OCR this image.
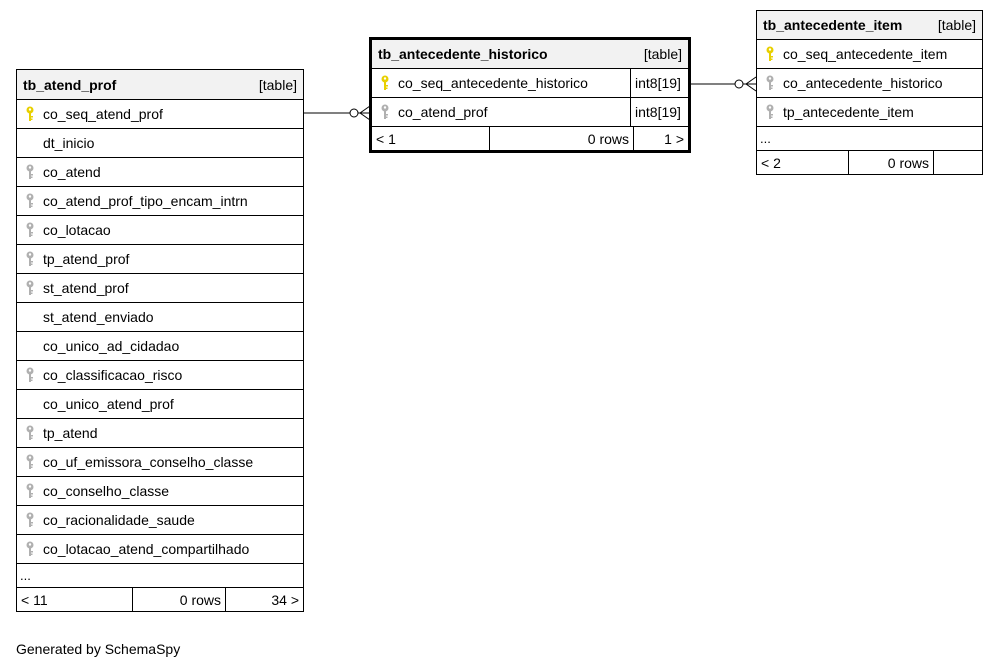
tb_atend_prof	[table]
co_seq_atend_prof
dt_inicio
co_atend
co_atend_prof_tipo_encam_intrn
co_lotacao
tp_atend_prof
st_atend_prof
st_atend_enviado
co_unico_ad_cidadao
co_classificacao_risco
co_unico_atend_prof
tp_atend
co_uf_emissora_conselho_classe
co_conselho_classe
co_racionalidade_saude
co_lotacao_atend_compartilhado
...
< 11	0 rows	34 >
tb_antecedente_historico	[table]
co_seq_antecedente_historico	int8[19]
co_atend_prof	int8[19]
< 1	0 rows	1 >
tb_antecedente_item	[table]
co_seq_antecedente_item
co_antecedente_historico
tp_antecedente_item
...
< 2	0 rows
Generated by SchemaSpy
